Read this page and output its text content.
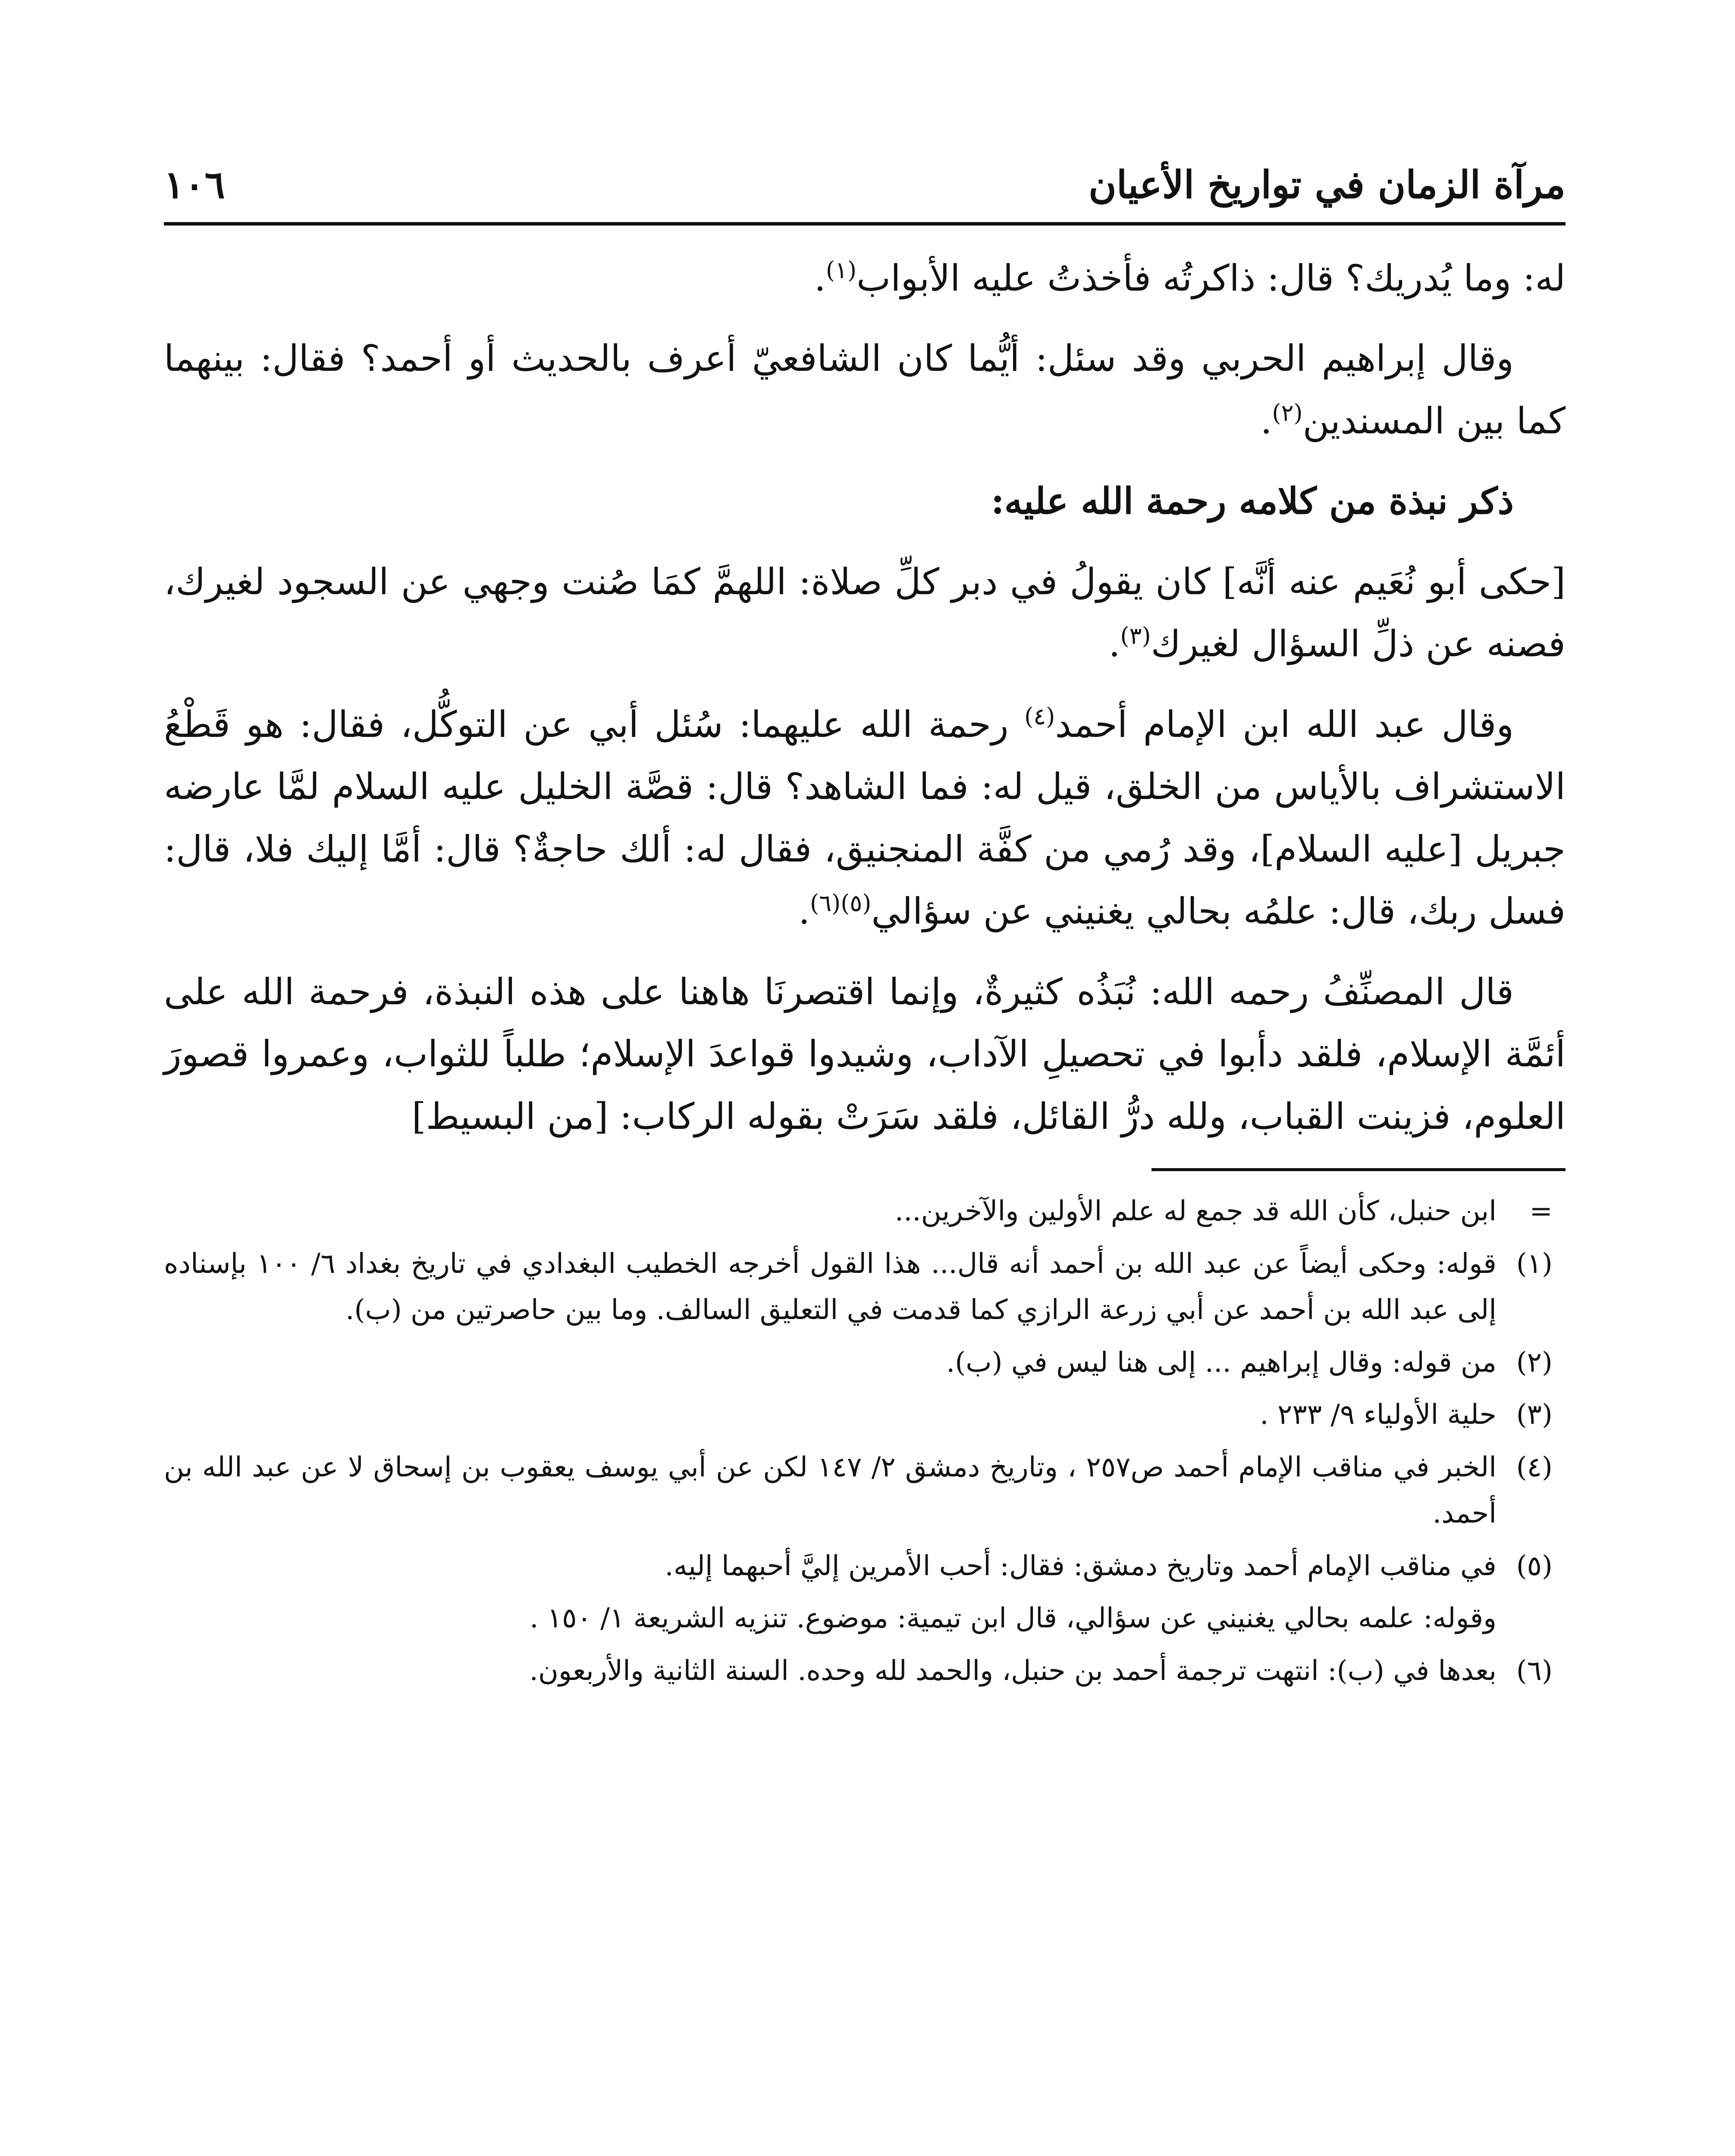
مرآة الزمان في تواريخ الأعيان
١٠٦

له: وما يُدريك؟ قال: ذاكرتُه فأخذتُ عليه الأبواب$^{(١)}$.

وقال إبراهيم الحربي وقد سئل: أيُّما كان الشافعيّ أعرف بالحديث أو أحمد؟ فقال: بينهما كما بين المسندين$^{(٢)}$.

ذكر نبذة من كلامه رحمة الله عليه:

[حكى أبو نُعَيم عنه أنَّه] كان يقولُ في دبر كلِّ صلاة: اللهمَّ كمَا صُنت وجهي عن السجود لغيرك، فصنه عن ذلِّ السؤال لغيرك$^{(٣)}$.

وقال عبد الله ابن الإمام أحمد$^{(٤)}$ رحمة الله عليهما: سُئل أبي عن التوكُّل، فقال: هو قَطْعُ الاستشراف بالأياس من الخلق، قيل له: فما الشاهد؟ قال: قصَّة الخليل عليه السلام لمَّا عارضه جبريل [عليه السلام]، وقد رُمي من كفَّة المنجنيق، فقال له: ألك حاجةٌ؟ قال: أمَّا إليك فلا، قال: فسل ربك، قال: علمُه بحالي يغنيني عن سؤالي$^{(٥)(٦)}$.

قال المصنِّفُ رحمه الله: نُبَذُه كثيرةٌ، وإنما اقتصرنَا هاهنا على هذه النبذة، فرحمة الله على أئمَّة الإسلام، فلقد دأبوا في تحصيلِ الآداب، وشيدوا قواعدَ الإسلام؛ طلباً للثواب، وعمروا قصورَ العلوم، فزينت القباب، ولله درُّ القائل، فلقد سَرَتْ بقوله الركاب: [من البسيط]

=
ابن حنبل، كأن الله قد جمع له علم الأولين والآخرين...
(١)
قوله: وحكى أيضاً عن عبد الله بن أحمد أنه قال... هذا القول أخرجه الخطيب البغدادي في تاريخ بغداد ٦/ ١٠٠ بإسناده إلى عبد الله بن أحمد عن أبي زرعة الرازي كما قدمت في التعليق السالف. وما بين حاصرتين من (ب).
(٢)
من قوله: وقال إبراهيم ... إلى هنا ليس في (ب).
(٣)
حلية الأولياء ٩/ ٢٣٣ .
(٤)
الخبر في مناقب الإمام أحمد ص٢٥٧ ، وتاريخ دمشق ٢/ ١٤٧ لكن عن أبي يوسف يعقوب بن إسحاق لا عن عبد الله بن أحمد.
(٥)
في مناقب الإمام أحمد وتاريخ دمشق: فقال: أحب الأمرين إليَّ أحبهما إليه.
وقوله: علمه بحالي يغنيني عن سؤالي، قال ابن تيمية: موضوع. تنزيه الشريعة ١/ ١٥٠ .
(٦)
بعدها في (ب): انتهت ترجمة أحمد بن حنبل، والحمد لله وحده. السنة الثانية والأربعون.
